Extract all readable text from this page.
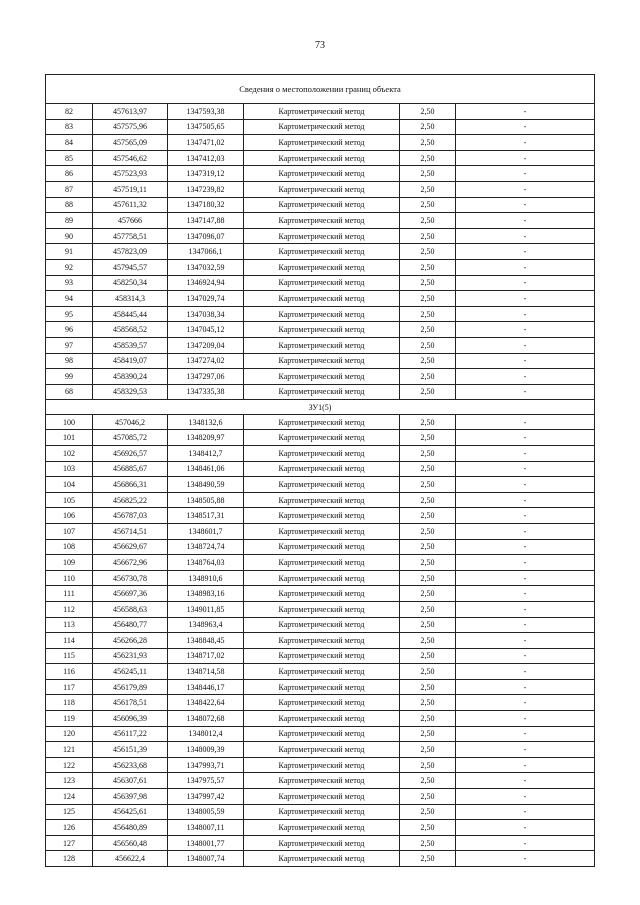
73
Сведения о местоположении границ объекта					
82	457613,97	1347593,38	Картометрический метод	2,50	-
83	457575,96	1347505,65	Картометрический метод	2,50	-
84	457565,09	1347471,02	Картометрический метод	2,50	-
85	457546,62	1347412,03	Картометрический метод	2,50	-
86	457523,93	1347319,12	Картометрический метод	2,50	-
87	457519,11	1347239,82	Картометрический метод	2,50	-
88	457611,32	1347180,32	Картометрический метод	2,50	-
89	457666	1347147,88	Картометрический метод	2,50	-
90	457758,51	1347096,07	Картометрический метод	2,50	-
91	457823,09	1347066,1	Картометрический метод	2,50	-
92	457945,57	1347032,59	Картометрический метод	2,50	-
93	458250,34	1346924,94	Картометрический метод	2,50	-
94	458314,3	1347029,74	Картометрический метод	2,50	-
95	458445,44	1347038,34	Картометрический метод	2,50	-
96	458568,52	1347045,12	Картометрический метод	2,50	-
97	458539,57	1347209,04	Картометрический метод	2,50	-
98	458419,07	1347274,02	Картометрический метод	2,50	-
99	458390,24	1347297,06	Картометрический метод	2,50	-
68	458329,53	1347335,38	Картометрический метод	2,50	-
ЗУ1(5)					
100	457046,2	1348132,6	Картометрический метод	2,50	-
101	457085,72	1348209,97	Картометрический метод	2,50	-
102	456926,57	1348412,7	Картометрический метод	2,50	-
103	456885,67	1348461,06	Картометрический метод	2,50	-
104	456866,31	1348490,59	Картометрический метод	2,50	-
105	456825,22	1348505,88	Картометрический метод	2,50	-
106	456787,03	1348517,31	Картометрический метод	2,50	-
107	456714,51	1348601,7	Картометрический метод	2,50	-
108	456629,67	1348724,74	Картометрический метод	2,50	-
109	456672,96	1348764,03	Картометрический метод	2,50	-
110	456730,78	1348910,6	Картометрический метод	2,50	-
111	456697,36	1348983,16	Картометрический метод	2,50	-
112	456588,63	1349011,85	Картометрический метод	2,50	-
113	456480,77	1348963,4	Картометрический метод	2,50	-
114	456266,28	1348848,45	Картометрический метод	2,50	-
115	456231,93	1348717,02	Картометрический метод	2,50	-
116	456245,11	1348714,58	Картометрический метод	2,50	-
117	456179,89	1348446,17	Картометрический метод	2,50	-
118	456178,51	1348422,64	Картометрический метод	2,50	-
119	456096,39	1348072,68	Картометрический метод	2,50	-
120	456117,22	1348012,4	Картометрический метод	2,50	-
121	456151,39	1348009,39	Картометрический метод	2,50	-
122	456233,68	1347993,71	Картометрический метод	2,50	-
123	456307,61	1347975,57	Картометрический метод	2,50	-
124	456397,98	1347997,42	Картометрический метод	2,50	-
125	456425,61	1348005,59	Картометрический метод	2,50	-
126	456480,89	1348007,11	Картометрический метод	2,50	-
127	456560,48	1348001,77	Картометрический метод	2,50	-
128	456622,4	1348007,74	Картометрический метод	2,50	-
